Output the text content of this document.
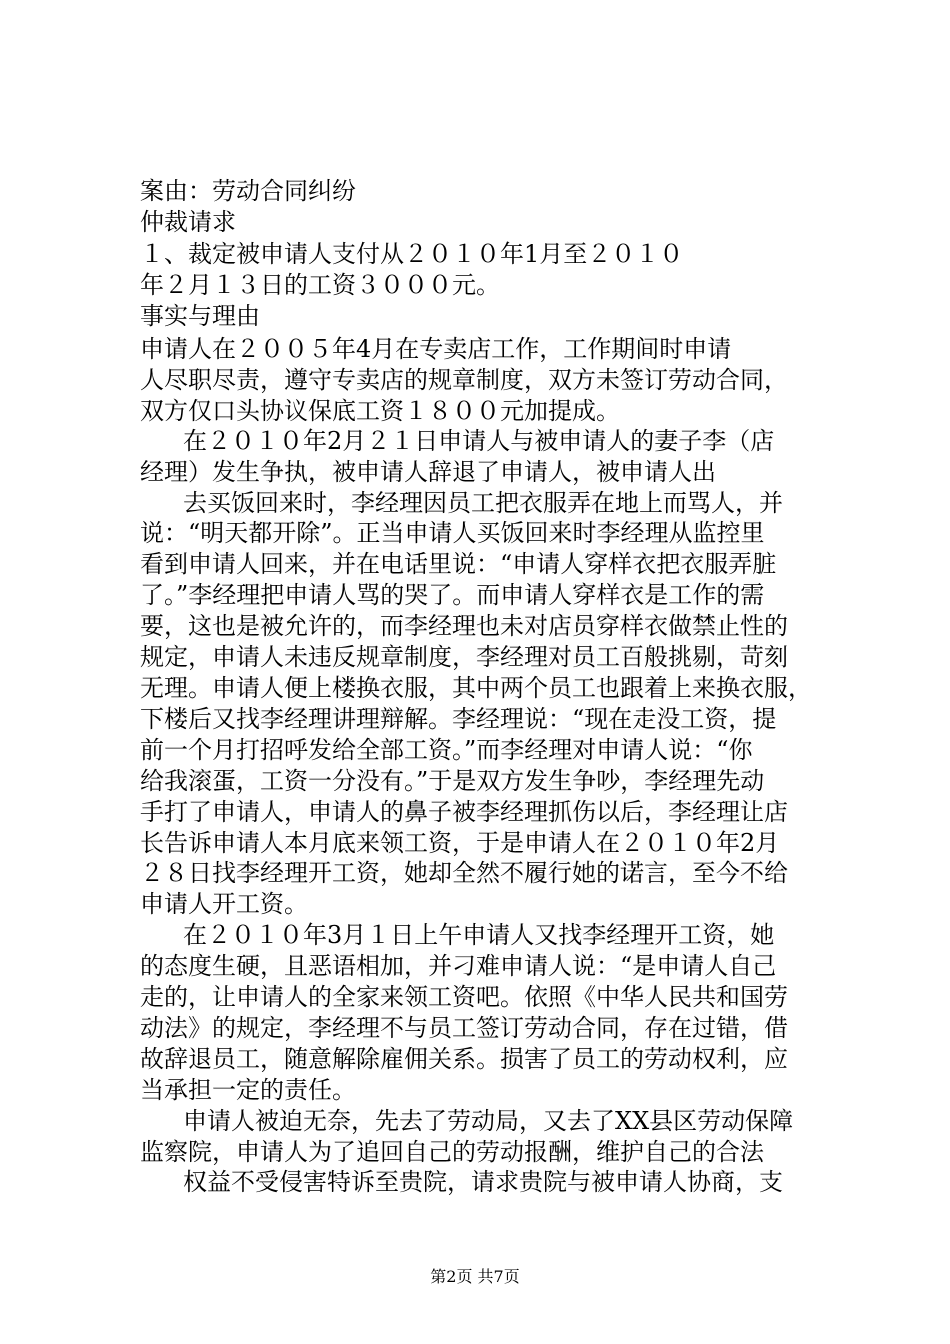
案由：劳动合同纠纷
仲裁请求
１、裁定被申请人支付从２０１０年1月至２０１０
年２月１３日的工资３０００元。
事实与理由
申请人在２００５年4月在专卖店工作，工作期间时申请
人尽职尽责，遵守专卖店的规章制度，双方未签订劳动合同，
双方仅口头协议保底工资１８００元加提成。
在２０１０年2月２１日申请人与被申请人的妻子李（店
经理）发生争执，被申请人辞退了申请人，被申请人出
去买饭回来时，李经理因员工把衣服弄在地上而骂人，并
说：“明天都开除”。正当申请人买饭回来时李经理从监控里
看到申请人回来，并在电话里说：“申请人穿样衣把衣服弄脏
了。”李经理把申请人骂的哭了。而申请人穿样衣是工作的需
要，这也是被允许的，而李经理也未对店员穿样衣做禁止性的
规定，申请人未违反规章制度，李经理对员工百般挑剔，苛刻
无理。申请人便上楼换衣服，其中两个员工也跟着上来换衣服，
下楼后又找李经理讲理辩解。李经理说：“现在走没工资，提
前一个月打招呼发给全部工资。”而李经理对申请人说：“你
给我滚蛋，工资一分没有。”于是双方发生争吵，李经理先动
手打了申请人，申请人的鼻子被李经理抓伤以后，李经理让店
长告诉申请人本月底来领工资，于是申请人在２０１０年2月
２８日找李经理开工资，她却全然不履行她的诺言，至今不给
申请人开工资。
在２０１０年3月１日上午申请人又找李经理开工资，她
的态度生硬，且恶语相加，并刁难申请人说：“是申请人自己
走的，让申请人的全家来领工资吧。依照《中华人民共和国劳
动法》的规定，李经理不与员工签订劳动合同，存在过错，借
故辞退员工，随意解除雇佣关系。损害了员工的劳动权利，应
当承担一定的责任。
申请人被迫无奈，先去了劳动局，又去了XX县区劳动保障
监察院，申请人为了追回自己的劳动报酬，维护自己的合法
权益不受侵害特诉至贵院，请求贵院与被申请人协商，支
第2页 共7页
